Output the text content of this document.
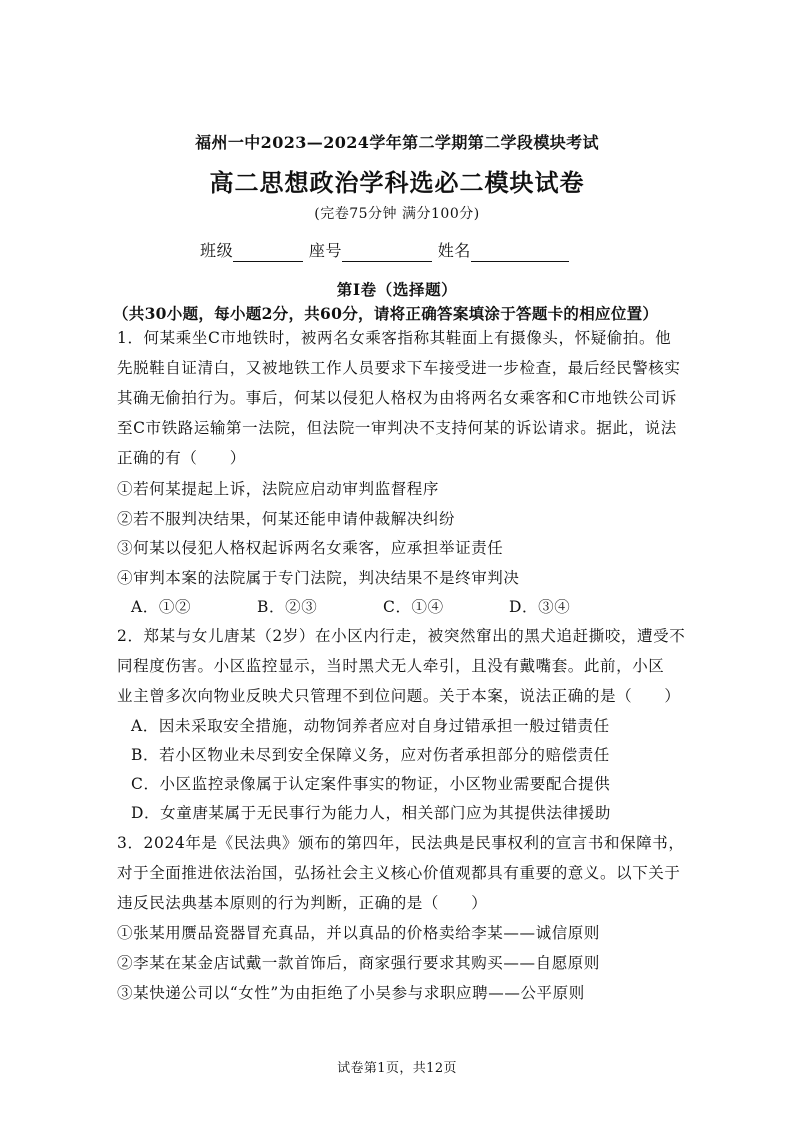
福州一中2023—2024学年第二学期第二学段模块考试
高二思想政治学科选必二模块试卷
(完卷75分钟 满分100分)
班级	座号	姓名
第Ⅰ卷（选择题）
（共30小题，每小题2分，共60分，请将正确答案填涂于答题卡的相应位置）
1．何某乘坐C市地铁时，被两名女乘客指称其鞋面上有摄像头，怀疑偷拍。他
先脱鞋自证清白，又被地铁工作人员要求下车接受进一步检查，最后经民警核实
其确无偷拍行为。事后，何某以侵犯人格权为由将两名女乘客和C市地铁公司诉
至C市铁路运输第一法院，但法院一审判决不支持何某的诉讼请求。据此，说法
正确的有（　　）
①若何某提起上诉，法院应启动审判监督程序
②若不服判决结果，何某还能申请仲裁解决纠纷
③何某以侵犯人格权起诉两名女乘客，应承担举证责任
④审判本案的法院属于专门法院，判决结果不是终审判决
A．①②	B．②③	C．①④	D．③④
2．郑某与女儿唐某（2岁）在小区内行走，被突然窜出的黑犬追赶撕咬，遭受不
同程度伤害。小区监控显示，当时黑犬无人牵引，且没有戴嘴套。此前，小区
业主曾多次向物业反映犬只管理不到位问题。关于本案，说法正确的是（　　）
A．因未采取安全措施，动物饲养者应对自身过错承担一般过错责任
B．若小区物业未尽到安全保障义务，应对伤者承担部分的赔偿责任
C．小区监控录像属于认定案件事实的物证，小区物业需要配合提供
D．女童唐某属于无民事行为能力人，相关部门应为其提供法律援助
3．2024年是《民法典》颁布的第四年，民法典是民事权利的宣言书和保障书，
对于全面推进依法治国，弘扬社会主义核心价值观都具有重要的意义。以下关于
违反民法典基本原则的行为判断，正确的是（　　）
①张某用赝品瓷器冒充真品，并以真品的价格卖给李某——诚信原则
②李某在某金店试戴一款首饰后，商家强行要求其购买——自愿原则
③某快递公司以“女性”为由拒绝了小吴参与求职应聘——公平原则
试卷第1页，共12页
